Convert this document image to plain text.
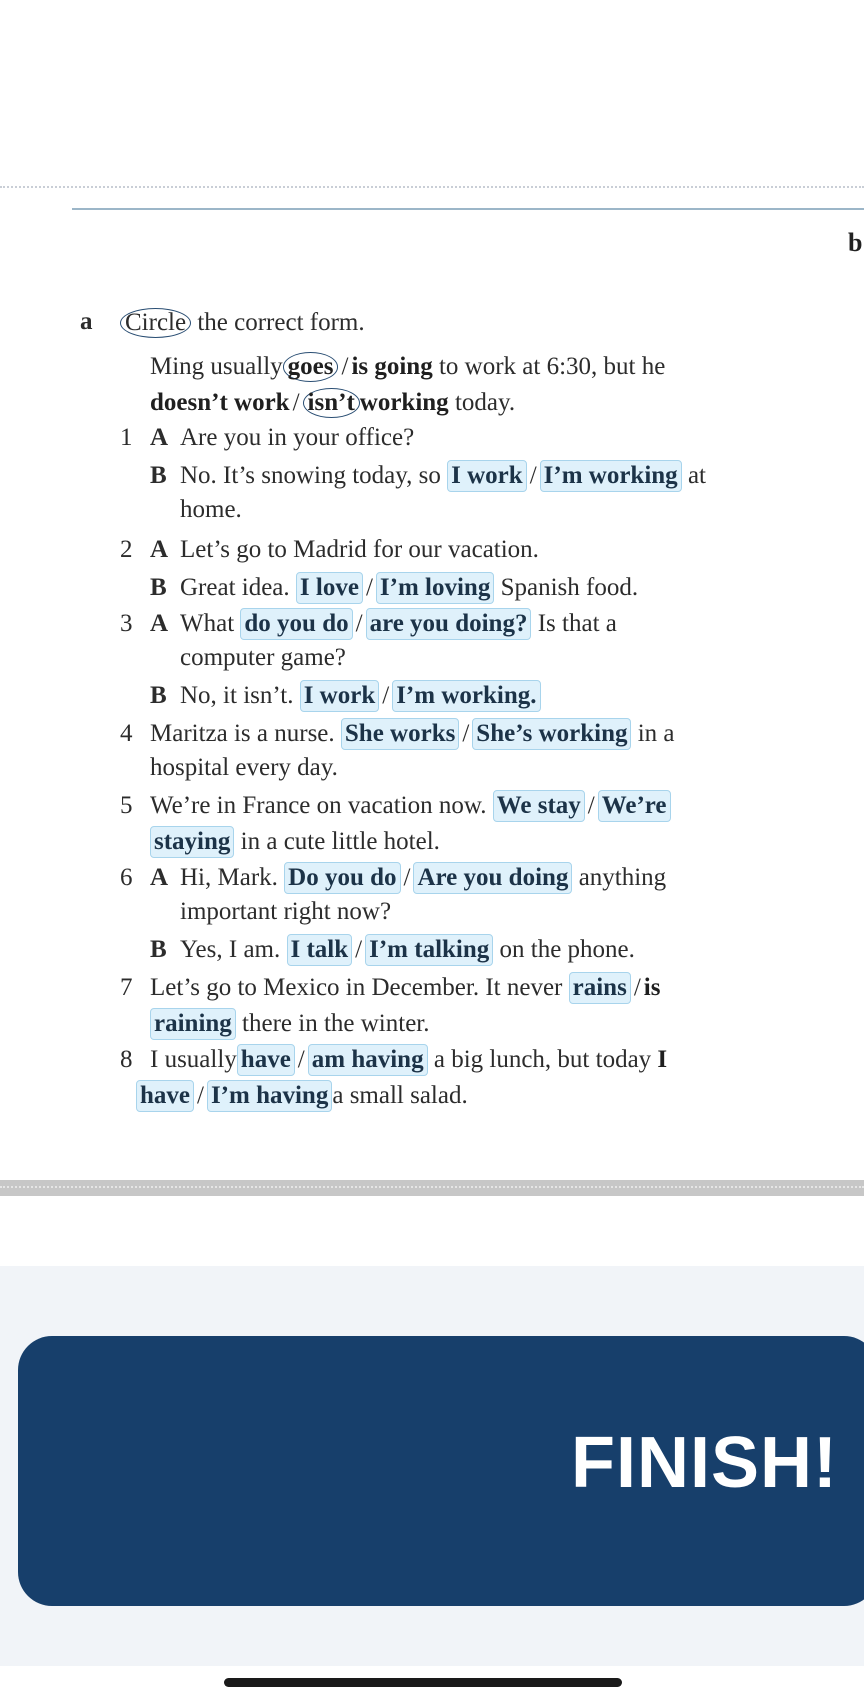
b
a Circle the correct form.
Ming usually goes / is going to work at 6:30, but he
doesn’t work / isn’t working today.
1 A Are you in your office?
B No. It’s snowing today, so I work / I’m working at
home.
2 A Let’s go to Madrid for our vacation.
B Great idea. I love / I’m loving Spanish food.
3 A What do you do / are you doing? Is that a
computer game?
B No, it isn’t. I work / I’m working.
4 Maritza is a nurse. She works / She’s working in a
hospital every day.
5 We’re in France on vacation now. We stay / We’re
staying in a cute little hotel.
6 A Hi, Mark. Do you do / Are you doing anything
important right now?
B Yes, I am. I talk / I’m talking on the phone.
7 Let’s go to Mexico in December. It never rains / is
raining there in the winter.
8 I usually have / am having a big lunch, but today I
have / I’m having a small salad.
FINISH!
